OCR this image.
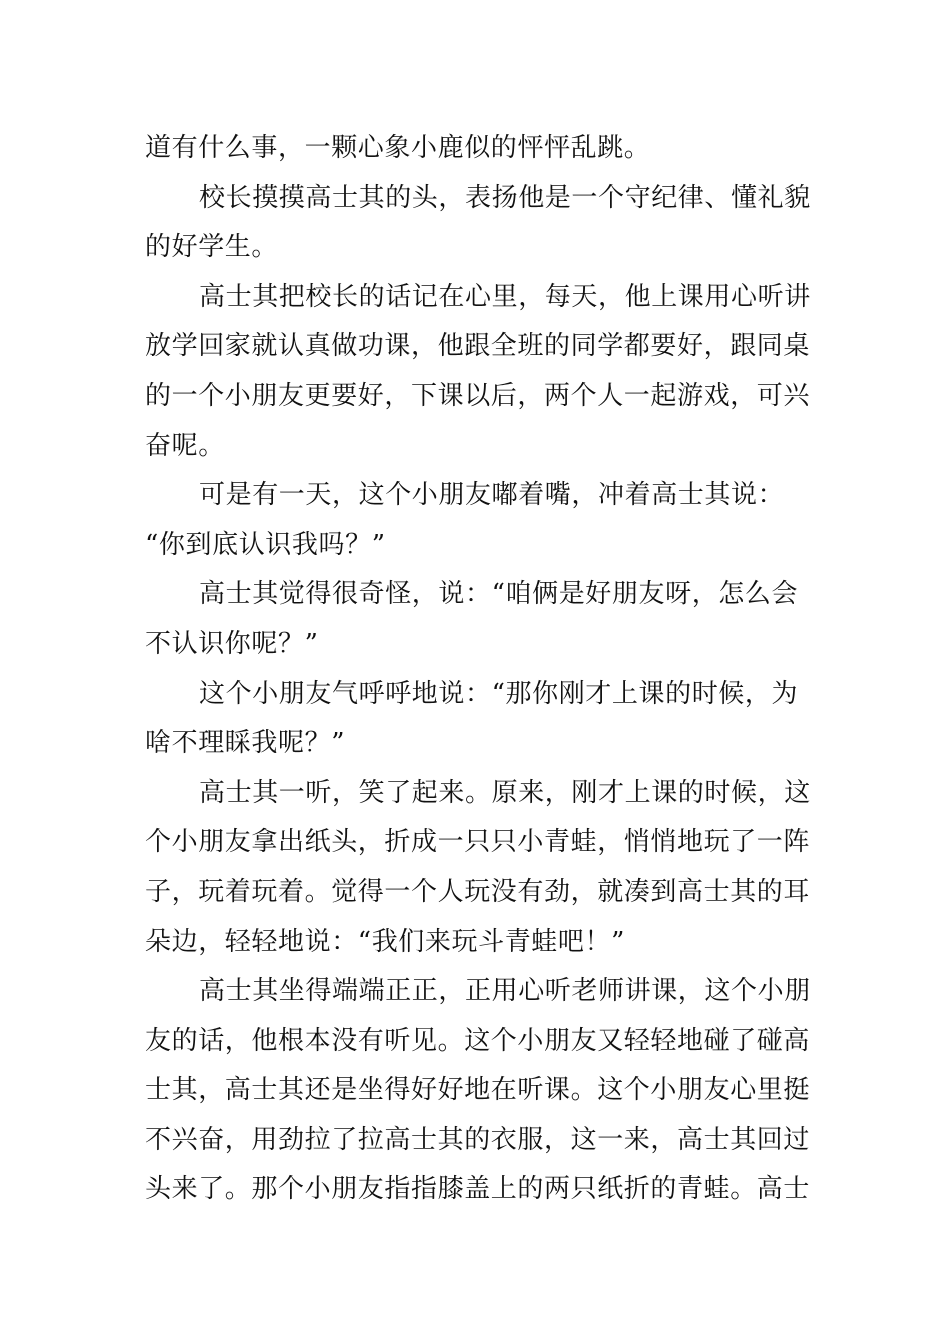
道有什么事，一颗心象小鹿似的怦怦乱跳。
校长摸摸高士其的头，表扬他是一个守纪律、懂礼貌
的好学生。
高士其把校长的话记在心里，每天，他上课用心听讲
放学回家就认真做功课，他跟全班的同学都要好，跟同桌
的一个小朋友更要好，下课以后，两个人一起游戏，可兴
奋呢。
可是有一天，这个小朋友嘟着嘴，冲着高士其说：
“你到底认识我吗？”
高士其觉得很奇怪，说：“咱俩是好朋友呀，怎么会
不认识你呢？”
这个小朋友气呼呼地说：“那你刚才上课的时候，为
啥不理睬我呢？”
高士其一听，笑了起来。原来，刚才上课的时候，这
个小朋友拿出纸头，折成一只只小青蛙，悄悄地玩了一阵
子，玩着玩着。觉得一个人玩没有劲，就凑到高士其的耳
朵边，轻轻地说：“我们来玩斗青蛙吧！”
高士其坐得端端正正，正用心听老师讲课，这个小朋
友的话，他根本没有听见。这个小朋友又轻轻地碰了碰高
士其，高士其还是坐得好好地在听课。这个小朋友心里挺
不兴奋，用劲拉了拉高士其的衣服，这一来，高士其回过
头来了。那个小朋友指指膝盖上的两只纸折的青蛙。高士
